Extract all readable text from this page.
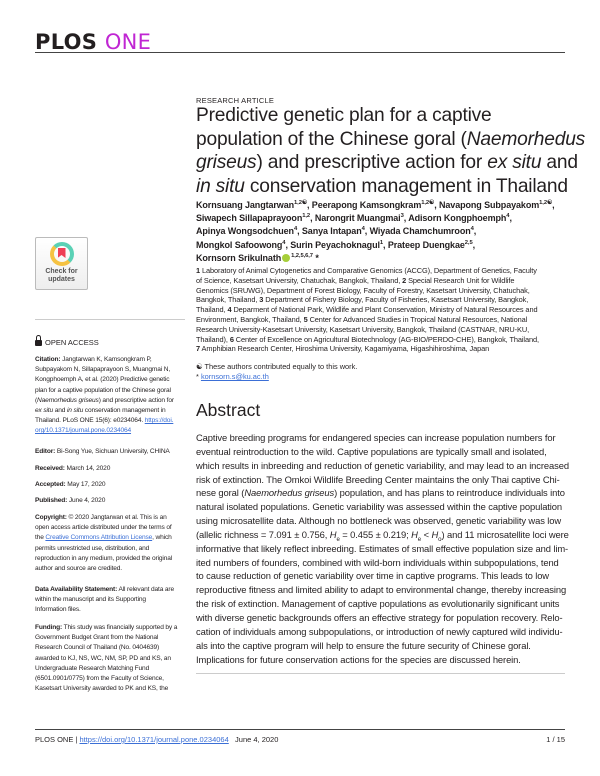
PLOS ONE
RESEARCH ARTICLE
Predictive genetic plan for a captive
population of the Chinese goral (Naemorhedus
griseus) and prescriptive action for ex situ and
in situ conservation management in Thailand
Kornsuang Jangtarwan$^{1,2☯}$, Peerapong Kamsongkram$^{1,2☯}$, Navapong Subpayakom$^{1,2☯}$,
Siwapech Sillapaprayoon$^{1,2}$, Narongrit Muangmai$^3$, Adisorn Kongphoemph$^4$,
Apinya Wongsodchuen$^4$, Sanya Intapan$^4$, Wiyada Chamchumroon$^4$,
Mongkol Safoowong$^4$, Surin Peyachoknagul$^1$, Prateep Duengkae$^{2,5}$,
Kornsorn Srikulnath $^{1,2,5,6,7}$ *
1 Laboratory of Animal Cytogenetics and Comparative Genomics (ACCG), Department of Genetics, Faculty
of Science, Kasetsart University, Chatuchak, Bangkok, Thailand, 2 Special Research Unit for Wildlife
Genomics (SRUWG), Department of Forest Biology, Faculty of Forestry, Kasetsart University, Chatuchak,
Bangkok, Thailand, 3 Department of Fishery Biology, Faculty of Fisheries, Kasetsart University, Bangkok,
Thailand, 4 Deparment of National Park, Wildlife and Plant Conservation, Ministry of Natural Resources and
Environment, Bangkok, Thailand, 5 Center for Advanced Studies in Tropical Natural Resources, National
Research University-Kasetsart University, Kasetsart University, Bangkok, Thailand (CASTNAR, NRU-KU,
Thailand), 6 Center of Excellence on Agricultural Biotechnology (AG-BIO/PERDO-CHE), Bangkok, Thailand,
7 Amphibian Research Center, Hiroshima University, Kagamiyama, Higashihiroshima, Japan
☯ These authors contributed equally to this work.
* kornsorn.s@ku.ac.th
Abstract
Captive breeding programs for endangered species can increase population numbers for
eventual reintroduction to the wild. Captive populations are typically small and isolated,
which results in inbreeding and reduction of genetic variability, and may lead to an increased
risk of extinction. The Omkoi Wildlife Breeding Center maintains the only Thai captive Chi-
nese goral (Naemorhedus griseus) population, and has plans to reintroduce individuals into
natural isolated populations. Genetic variability was assessed within the captive population
using microsatellite data. Although no bottleneck was observed, genetic variability was low
(allelic richness = 7.091 ± 0.756, $H_e = 0.455 \pm 0.219$; $H_e < H_o$) and 11 microsatellite loci were
informative that likely reflect inbreeding. Estimates of small effective population size and lim-
ited numbers of founders, combined with wild-born individuals within subpopulations, tend
to cause reduction of genetic variability over time in captive programs. This leads to low
reproductive fitness and limited ability to adapt to environmental change, thereby increasing
the risk of extinction. Management of captive populations as evolutionarily significant units
with diverse genetic backgrounds offers an effective strategy for population recovery. Relo-
cation of individuals among subpopulations, or introduction of newly captured wild individu-
als into the captive program will help to ensure the future security of Chinese goral.
Implications for future conservation actions for the species are discussed herein.
Check for
updates
OPEN ACCESS
Citation: Jangtarwan K, Kamsongkram P,
Subpayakom N, Sillapaprayoon S, Muangmai N,
Kongphoemph A, et al. (2020) Predictive genetic
plan for a captive population of the Chinese goral
(Naemorhedus griseus) and prescriptive action for
ex situ and in situ conservation management in
Thailand. PLoS ONE 15(6): e0234064. https://doi.
org/10.1371/journal.pone.0234064
Editor: Bi-Song Yue, Sichuan University, CHINA
Received: March 14, 2020
Accepted: May 17, 2020
Published: June 4, 2020
Copyright: © 2020 Jangtarwan et al. This is an
open access article distributed under the terms of
the Creative Commons Attribution License, which
permits unrestricted use, distribution, and
reproduction in any medium, provided the original
author and source are credited.
Data Availability Statement: All relevant data are
within the manuscript and its Supporting
Information files.
Funding: This study was financially supported by a
Government Budget Grant from the National
Research Council of Thailand (No. 0404639)
awarded to KJ, NS, WC, NM, SP, PD and KS, an
Undergraduate Research Matching Fund
(6501.0901/0775) from the Faculty of Science,
Kasetsart University awarded to PK and KS, the
PLOS ONE | https://doi.org/10.1371/journal.pone.0234064 June 4, 2020	1 / 15
